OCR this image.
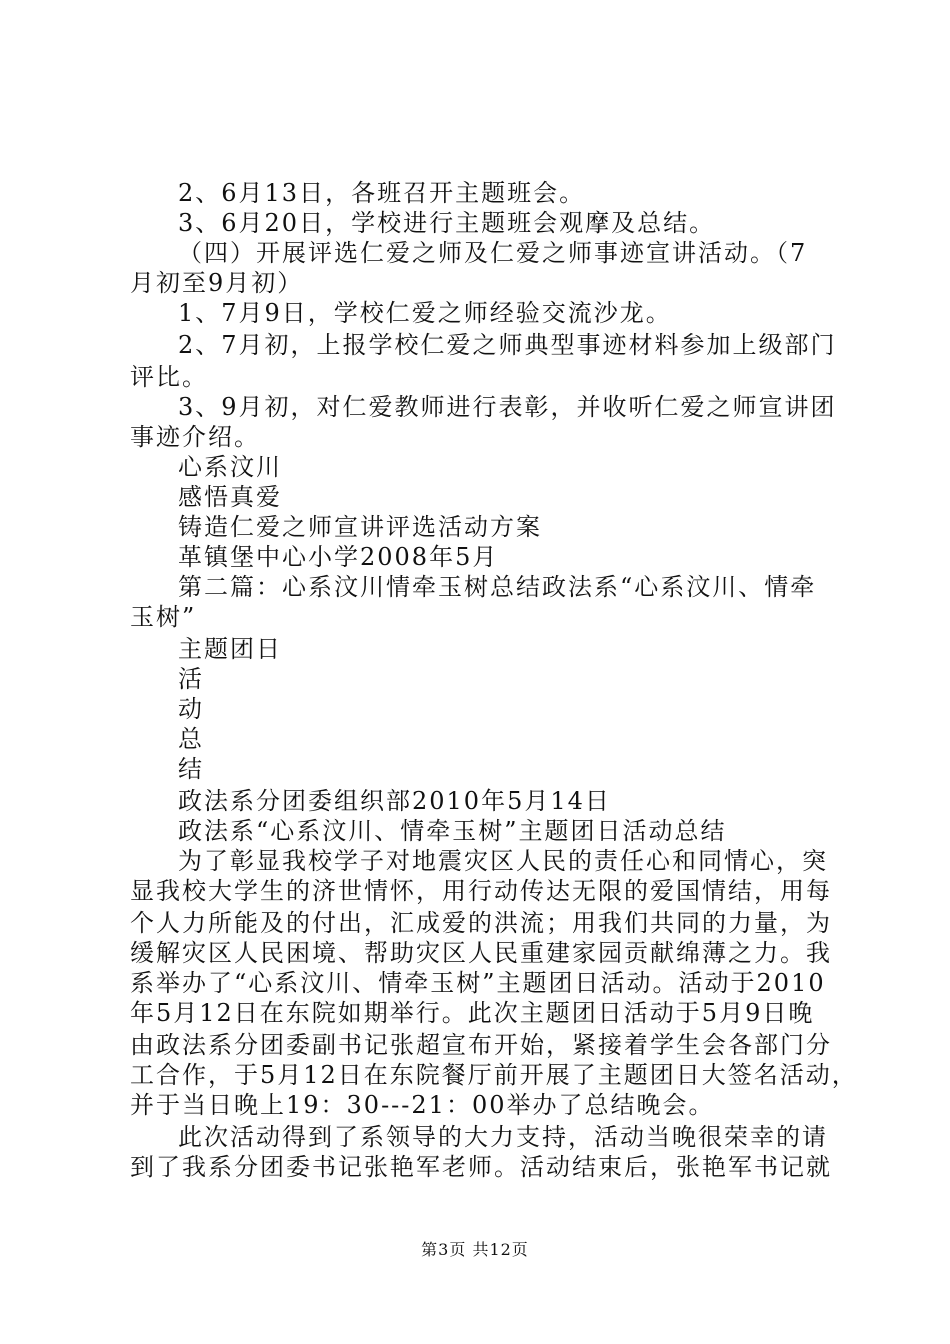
2、6月13日，各班召开主题班会。
3、6月20日，学校进行主题班会观摩及总结。
（四）开展评选仁爱之师及仁爱之师事迹宣讲活动。（7
月初至9月初）
1、7月9日，学校仁爱之师经验交流沙龙。
2、7月初，上报学校仁爱之师典型事迹材料参加上级部门
评比。
3、9月初，对仁爱教师进行表彰，并收听仁爱之师宣讲团
事迹介绍。
心系汶川
感悟真爱
铸造仁爱之师宣讲评选活动方案
革镇堡中心小学2008年5月
第二篇：心系汶川情牵玉树总结政法系“心系汶川、情牵
玉树”
主题团日
活
动
总
结
政法系分团委组织部2010年5月14日
政法系“心系汶川、情牵玉树”主题团日活动总结
为了彰显我校学子对地震灾区人民的责任心和同情心，突
显我校大学生的济世情怀，用行动传达无限的爱国情结，用每
个人力所能及的付出，汇成爱的洪流；用我们共同的力量，为
缓解灾区人民困境、帮助灾区人民重建家园贡献绵薄之力。我
系举办了“心系汶川、情牵玉树”主题团日活动。活动于2010
年5月12日在东院如期举行。此次主题团日活动于5月9日晚
由政法系分团委副书记张超宣布开始，紧接着学生会各部门分
工合作，于5月12日在东院餐厅前开展了主题团日大签名活动，
并于当日晚上19：30---21：00举办了总结晚会。
此次活动得到了系领导的大力支持，活动当晚很荣幸的请
到了我系分团委书记张艳军老师。活动结束后，张艳军书记就
第3页 共12页
